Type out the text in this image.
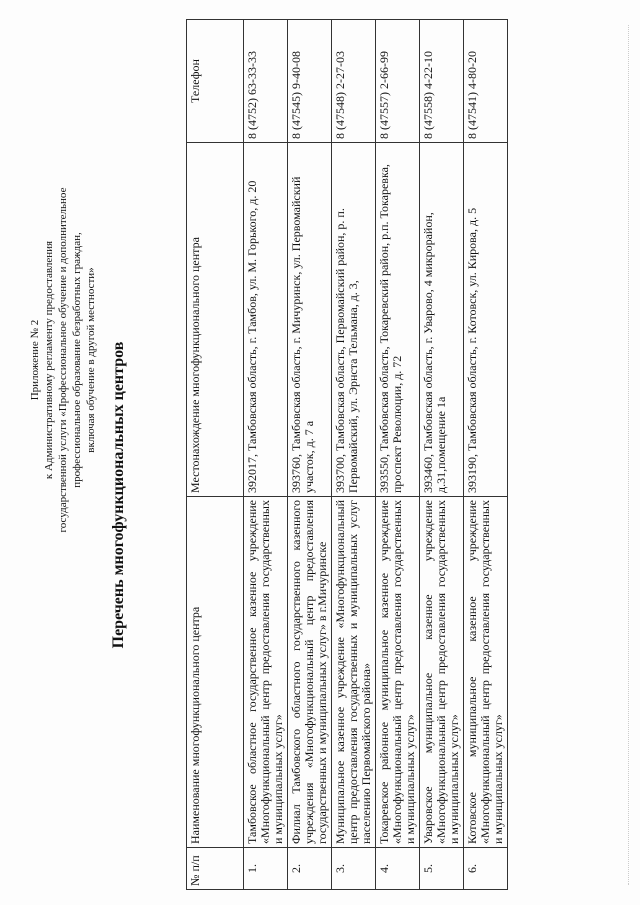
Приложение № 2 к Административному регламенту предоставления государственной услуги «Профессиональное обучение и дополнительное профессиональное образование безработных граждан, включая обучение в другой местности» Перечень многофункциональных центров
№ п/п	Наименование многофункционального центра	Местонахождение многофункционального центра	Телефон
1.	Тамбовское областное государственное казенное учреждение «Многофункциональный центр предоставления государственных и муниципальных услуг»	392017, Тамбовская область, г. Тамбов, ул. М. Горького, д. 20	8 (4752) 63-33-33
2.	Филиал Тамбовского областного государственного казенного учреждения «Многофункциональный центр предоставления государственных и муниципальных услуг» в г.Мичуринске	393760, Тамбовская область, г. Мичуринск, ул. Первомайский участок, д. 7 а	8 (47545) 9-40-08
3.	Муниципальное казенное учреждение «Многофункциональный центр предоставления государственных и муниципальных услуг населению Первомайского района»	393700, Тамбовская область, Первомайский район, р. п. Первомайский, ул. Эрнста Тельмана, д. 3,	8 (47548) 2-27-03
4.	Токаревское районное муниципальное казенное учреждение «Многофункциональный центр предоставления государственных и муниципальных услуг»	393550, Тамбовская область, Токаревский район, р.п. Токаревка, проспект Революции, д. 72	8 (47557) 2-66-99
5.	Уваровское муниципальное казенное учреждение «Многофункциональный центр предоставления государственных и муниципальных услуг»	393460, Тамбовская область, г. Уварово, 4 микрорайон, д.31,помещение 1а	8 (47558) 4-22-10
6.	Котовское муниципальное казенное учреждение «Многофункциональный центр предоставления государственных и муниципальных услуг»	393190, Тамбовская область, г. Котовск, ул. Кирова, д. 5	8 (47541) 4-80-20
